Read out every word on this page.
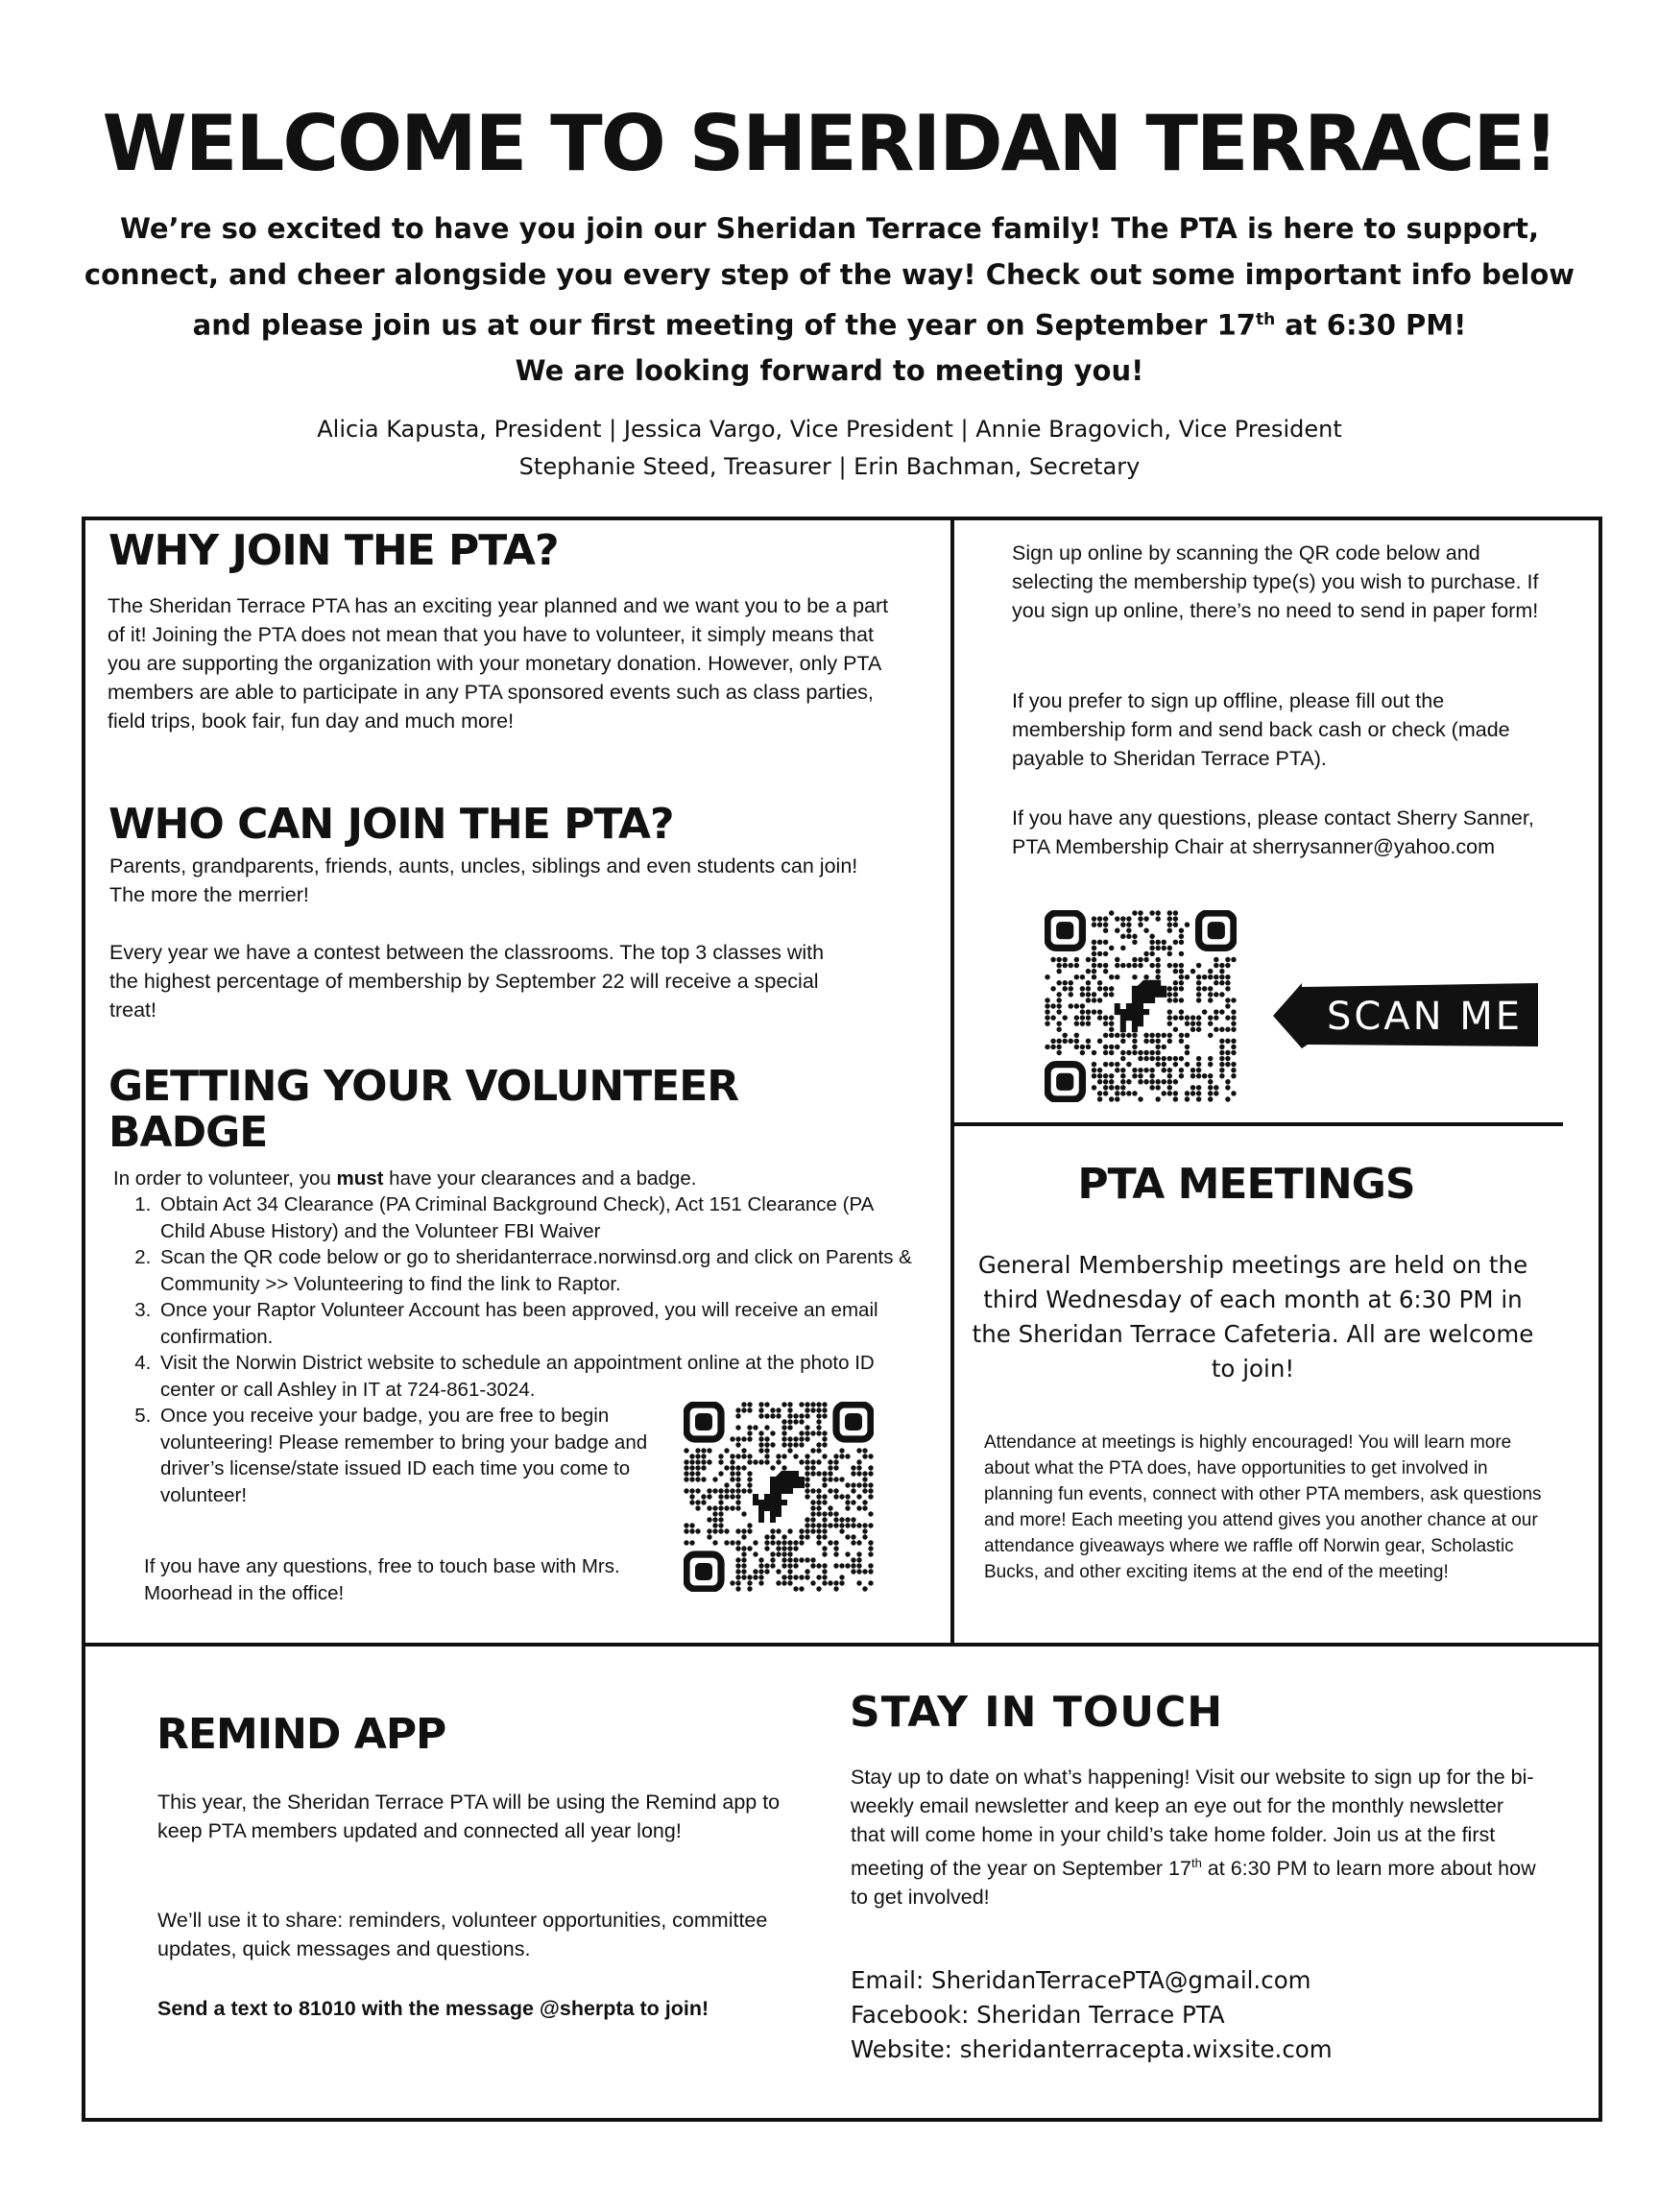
WELCOME TO SHERIDAN TERRACE!
We’re so excited to have you join our Sheridan Terrace family! The PTA is here to support, connect, and cheer alongside you every step of the way! Check out some important info below and please join us at our first meeting of the year on September 17th at 6:30 PM!
We are looking forward to meeting you!
Alicia Kapusta, President | Jessica Vargo, Vice President | Annie Bragovich, Vice President
Stephanie Steed, Treasurer | Erin Bachman, Secretary
WHY JOIN THE PTA?
The Sheridan Terrace PTA has an exciting year planned and we want you to be a part of it! Joining the PTA does not mean that you have to volunteer, it simply means that you are supporting the organization with your monetary donation. However, only PTA members are able to participate in any PTA sponsored events such as class parties, field trips, book fair, fun day and much more!
WHO CAN JOIN THE PTA?
Parents, grandparents, friends, aunts, uncles, siblings and even students can join! The more the merrier!
Every year we have a contest between the classrooms. The top 3 classes with the highest percentage of membership by September 22 will receive a special treat!
GETTING YOUR VOLUNTEER
BADGE
In order to volunteer, you must have your clearances and a badge.
1. Obtain Act 34 Clearance (PA Criminal Background Check), Act 151 Clearance (PA Child Abuse History) and the Volunteer FBI Waiver
2. Scan the QR code below or go to sheridanterrace.norwinsd.org and click on Parents & Community >> Volunteering to find the link to Raptor.
3. Once your Raptor Volunteer Account has been approved, you will receive an email confirmation.
4. Visit the Norwin District website to schedule an appointment online at the photo ID center or call Ashley in IT at 724-861-3024.
5. Once you receive your badge, you are free to begin volunteering! Please remember to bring your badge and driver’s license/state issued ID each time you come to volunteer!
If you have any questions, free to touch base with Mrs. Moorhead in the office!
Sign up online by scanning the QR code below and selecting the membership type(s) you wish to purchase. If you sign up online, there’s no need to send in paper form!
If you prefer to sign up offline, please fill out the membership form and send back cash or check (made payable to Sheridan Terrace PTA).
If you have any questions, please contact Sherry Sanner, PTA Membership Chair at sherrysanner@yahoo.com
SCAN ME
PTA MEETINGS
General Membership meetings are held on the third Wednesday of each month at 6:30 PM in the Sheridan Terrace Cafeteria. All are welcome to join!
Attendance at meetings is highly encouraged! You will learn more about what the PTA does, have opportunities to get involved in planning fun events, connect with other PTA members, ask questions and more! Each meeting you attend gives you another chance at our attendance giveaways where we raffle off Norwin gear, Scholastic Bucks, and other exciting items at the end of the meeting!
REMIND APP
This year, the Sheridan Terrace PTA will be using the Remind app to keep PTA members updated and connected all year long!
We’ll use it to share: reminders, volunteer opportunities, committee updates, quick messages and questions.
Send a text to 81010 with the message @sherpta to join!
STAY IN TOUCH
Stay up to date on what’s happening! Visit our website to sign up for the bi-weekly email newsletter and keep an eye out for the monthly newsletter that will come home in your child’s take home folder. Join us at the first meeting of the year on September 17th at 6:30 PM to learn more about how to get involved!
Email: SheridanTerracePTA@gmail.com
Facebook: Sheridan Terrace PTA
Website: sheridanterracepta.wixsite.com
